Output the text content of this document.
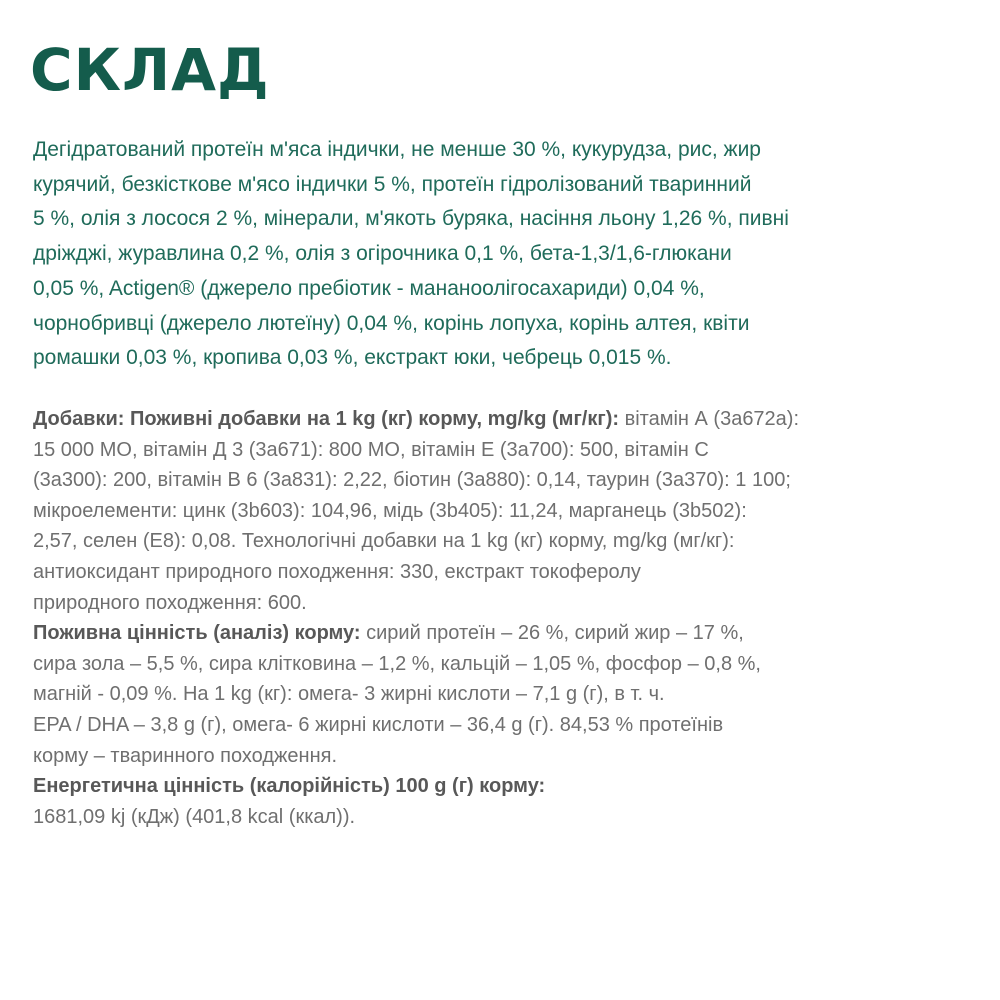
СКЛАД
Дегідратований протеїн м'яса індички, не менше 30 %, кукурудза, рис, жир
курячий, безкісткове м'ясо індички 5 %, протеїн гідролізований тваринний
5 %, олія з лосося 2 %, мінерали, м'якоть буряка, насіння льону 1,26 %, пивні
дріжджі, журавлина 0,2 %, олія з огірочника 0,1 %, бета-1,3/1,6-глюкани
0,05 %, Actigen® (джерело пребіотик - мананоолігосахариди) 0,04 %,
чорнобривці (джерело лютеїну) 0,04 %, корінь лопуха, корінь алтея, квіти
ромашки 0,03 %, кропива 0,03 %, екстракт юки, чебрець 0,015 %.
Добавки: Поживні добавки на 1 kg (кг) корму, mg/kg (мг/кг): вітамін А (3а672а):
15 000 МО, вітамін Д 3 (3а671): 800 МО, вітамін Е (3а700): 500, вітамін С
(3а300): 200, вітамін В 6 (3а831): 2,22, біотин (3а880): 0,14, таурин (3а370): 1 100;
мікроелементи: цинк (3b603): 104,96, мідь (3b405): 11,24, марганець (3b502):
2,57, селен (Е8): 0,08. Технологічні добавки на 1 kg (кг) корму, mg/kg (мг/кг):
антиоксидант природного походження: 330, екстракт токоферолу
природного походження: 600.
Поживна цінність (аналіз) корму: сирий протеїн – 26 %, сирий жир – 17 %,
сира зола – 5,5 %, сира клітковина – 1,2 %, кальцій – 1,05 %, фосфор – 0,8 %,
магній - 0,09 %. На 1 kg (кг): омега- 3 жирні кислоти – 7,1 g (г), в т. ч.
EPA / DHA – 3,8 g (г), омега- 6 жирні кислоти – 36,4 g (г). 84,53 % протеїнів
корму – тваринного походження.
Енергетична цінність (калорійність) 100 g (г) корму:
1681,09 kj (кДж) (401,8 kcal (ккал)).
